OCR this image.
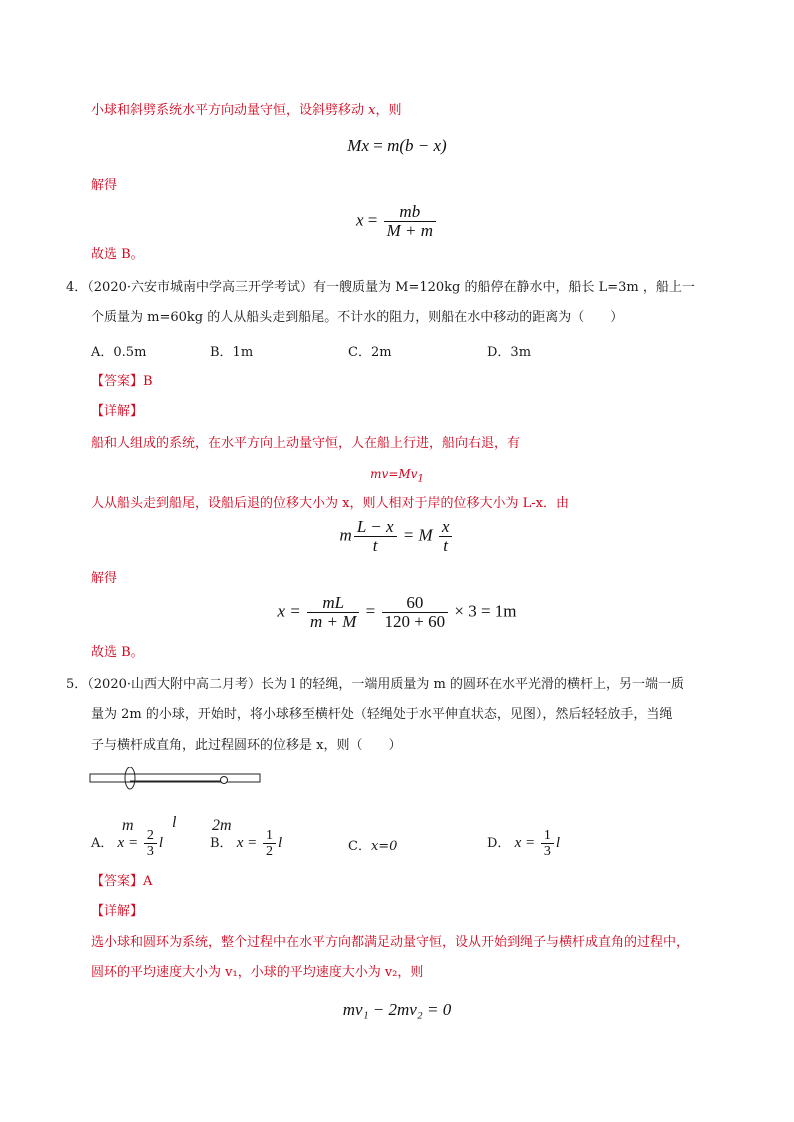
小球和斜劈系统水平方向动量守恒，设斜劈移动 x，则
Mx = m(b − x)
解得
$x = \frac{mb}{M + m}$
故选 B。
4．（2020·六安市城南中学高三开学考试）有一艘质量为 M=120kg 的船停在静水中，船长 L=3m ，船上一
个质量为 m=60kg 的人从船头走到船尾。不计水的阻力，则船在水中移动的距离为（　　）
A．0.5m	B．1m	C．2m	D．3m
【答案】B
【详解】
船和人组成的系统，在水平方向上动量守恒，人在船上行进，船向右退，有
$mv=Mv_1$
人从船头走到船尾，设船后退的位移大小为 x，则人相对于岸的位移大小为 L-x．由
m $\frac{L - x}{t} = M \frac{x}{t}$
解得
$x = \frac{mL}{m + M} = \frac{60}{120 + 60} \times 3 = 1m$
故选 B。
5．（2020·山西大附中高二月考）长为 l 的轻绳，一端用质量为 m 的圆环在水平光滑的横杆上，另一端一质
量为 2m 的小球，开始时，将小球移至横杆处（轻绳处于水平伸直状态，见图），然后轻轻放手，当绳
子与横杆成直角，此过程圆环的位移是 x，则（　　）
m l 2m
A． $x = \frac{2}{3}$ l	B． $x = \frac{1}{2}$ l	C．x=0	D． $x = \frac{1}{3}$ l
【答案】A
【详解】
选小球和圆环为系统，整个过程中在水平方向都满足动量守恒，设从开始到绳子与横杆成直角的过程中，
圆环的平均速度大小为 v₁，小球的平均速度大小为 v₂，则
mv₁ − 2mv₂ = 0
